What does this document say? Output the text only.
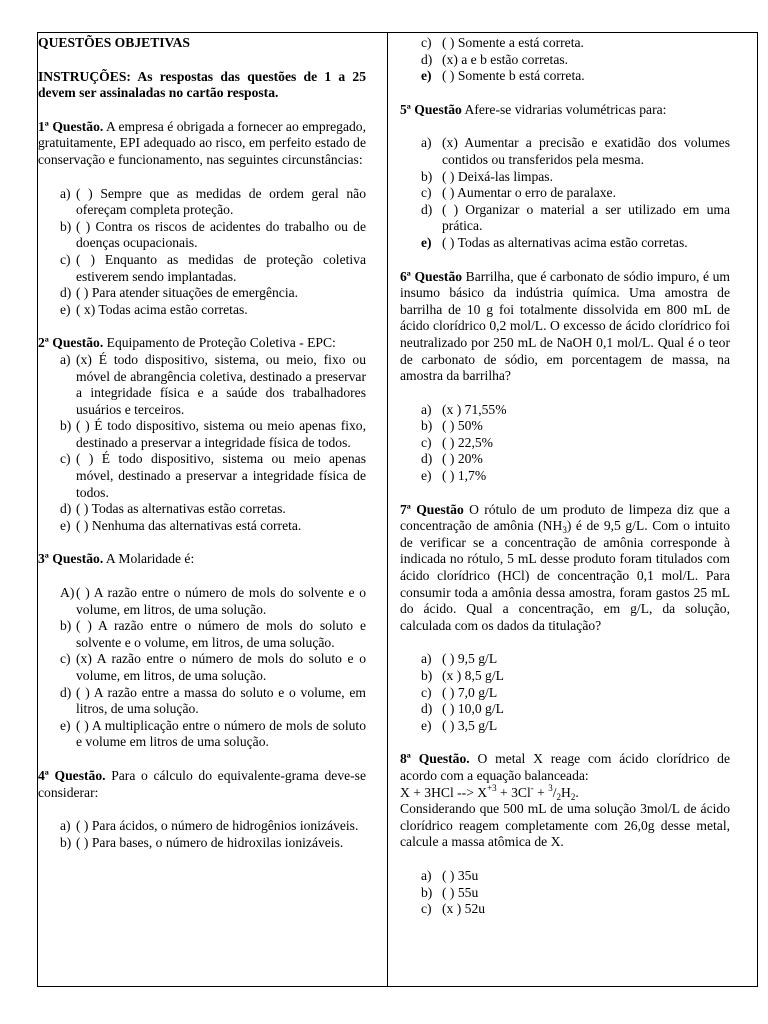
QUESTÕES OBJETIVAS
INSTRUÇÕES: As respostas das questões de 1 a 25 devem ser assinaladas no cartão resposta.
1ª Questão. A empresa é obrigada a fornecer ao empregado, gratuitamente, EPI adequado ao risco, em perfeito estado de conservação e funcionamento, nas seguintes circunstâncias:
a) ( ) Sempre que as medidas de ordem geral não ofereçam completa proteção.
b) ( ) Contra os riscos de acidentes do trabalho ou de doenças ocupacionais.
c) ( ) Enquanto as medidas de proteção coletiva estiverem sendo implantadas.
d) ( ) Para atender situações de emergência.
e) ( x) Todas acima estão corretas.
2ª Questão. Equipamento de Proteção Coletiva - EPC:
a) (x) É todo dispositivo, sistema, ou meio, fixo ou móvel de abrangência coletiva, destinado a preservar a integridade física e a saúde dos trabalhadores usuários e terceiros.
b) ( ) É todo dispositivo, sistema ou meio apenas fixo, destinado a preservar a integridade física de todos.
c) ( ) É todo dispositivo, sistema ou meio apenas móvel, destinado a preservar a integridade física de todos.
d) ( ) Todas as alternativas estão corretas.
e) ( ) Nenhuma das alternativas está correta.
3ª Questão. A Molaridade é:
A) ( ) A razão entre o número de mols do solvente e o volume, em litros, de uma solução.
b) ( ) A razão entre o número de mols do soluto e solvente e o volume, em litros, de uma solução.
c) (x) A razão entre o número de mols do soluto e o volume, em litros, de uma solução.
d) ( ) A razão entre a massa do soluto e o volume, em litros, de uma solução.
e) ( ) A multiplicação entre o número de mols de soluto e volume em litros de uma solução.
4ª Questão. Para o cálculo do equivalente-grama deve-se considerar:
a) ( ) Para ácidos, o número de hidrogênios ionizáveis.
b) ( ) Para bases, o número de hidroxilas ionizáveis.
c) ( ) Somente a está correta.
d) (x) a e b estão corretas.
e) ( ) Somente b está correta.
5ª Questão Afere-se vidrarias volumétricas para:
a) (x) Aumentar a precisão e exatidão dos volumes contidos ou transferidos pela mesma.
b) ( ) Deixá-las limpas.
c) ( ) Aumentar o erro de paralaxe.
d) ( ) Organizar o material a ser utilizado em uma prática.
e) ( ) Todas as alternativas acima estão corretas.
6ª Questão Barrilha, que é carbonato de sódio impuro, é um insumo básico da indústria química. Uma amostra de barrilha de 10 g foi totalmente dissolvida em 800 mL de ácido clorídrico 0,2 mol/L. O excesso de ácido clorídrico foi neutralizado por 250 mL de NaOH 0,1 mol/L. Qual é o teor de carbonato de sódio, em porcentagem de massa, na amostra da barrilha?
a) (x ) 71,55%
b) ( ) 50%
c) ( ) 22,5%
d) ( ) 20%
e) ( ) 1,7%
7ª Questão O rótulo de um produto de limpeza diz que a concentração de amônia $(NH_3)$ é de 9,5 g/L. Com o intuito de verificar se a concentração de amônia corresponde à indicada no rótulo, 5 mL desse produto foram titulados com ácido clorídrico (HCl) de concentração 0,1 mol/L. Para consumir toda a amônia dessa amostra, foram gastos 25 mL do ácido. Qual a concentração, em g/L, da solução, calculada com os dados da titulação?
a) ( ) 9,5 g/L
b) (x ) 8,5 g/L
c) ( ) 7,0 g/L
d) ( ) 10,0 g/L
e) ( ) 3,5 g/L
8ª Questão. O metal X reage com ácido clorídrico de acordo com a equação balanceada:
X + 3HCl --> $X^{+3} + 3Cl^- + ^3/_2H_2$.
Considerando que 500 mL de uma solução 3mol/L de ácido clorídrico reagem completamente com 26,0g desse metal, calcule a massa atômica de X.
a) ( ) 35u
b) ( ) 55u
c) (x ) 52u
